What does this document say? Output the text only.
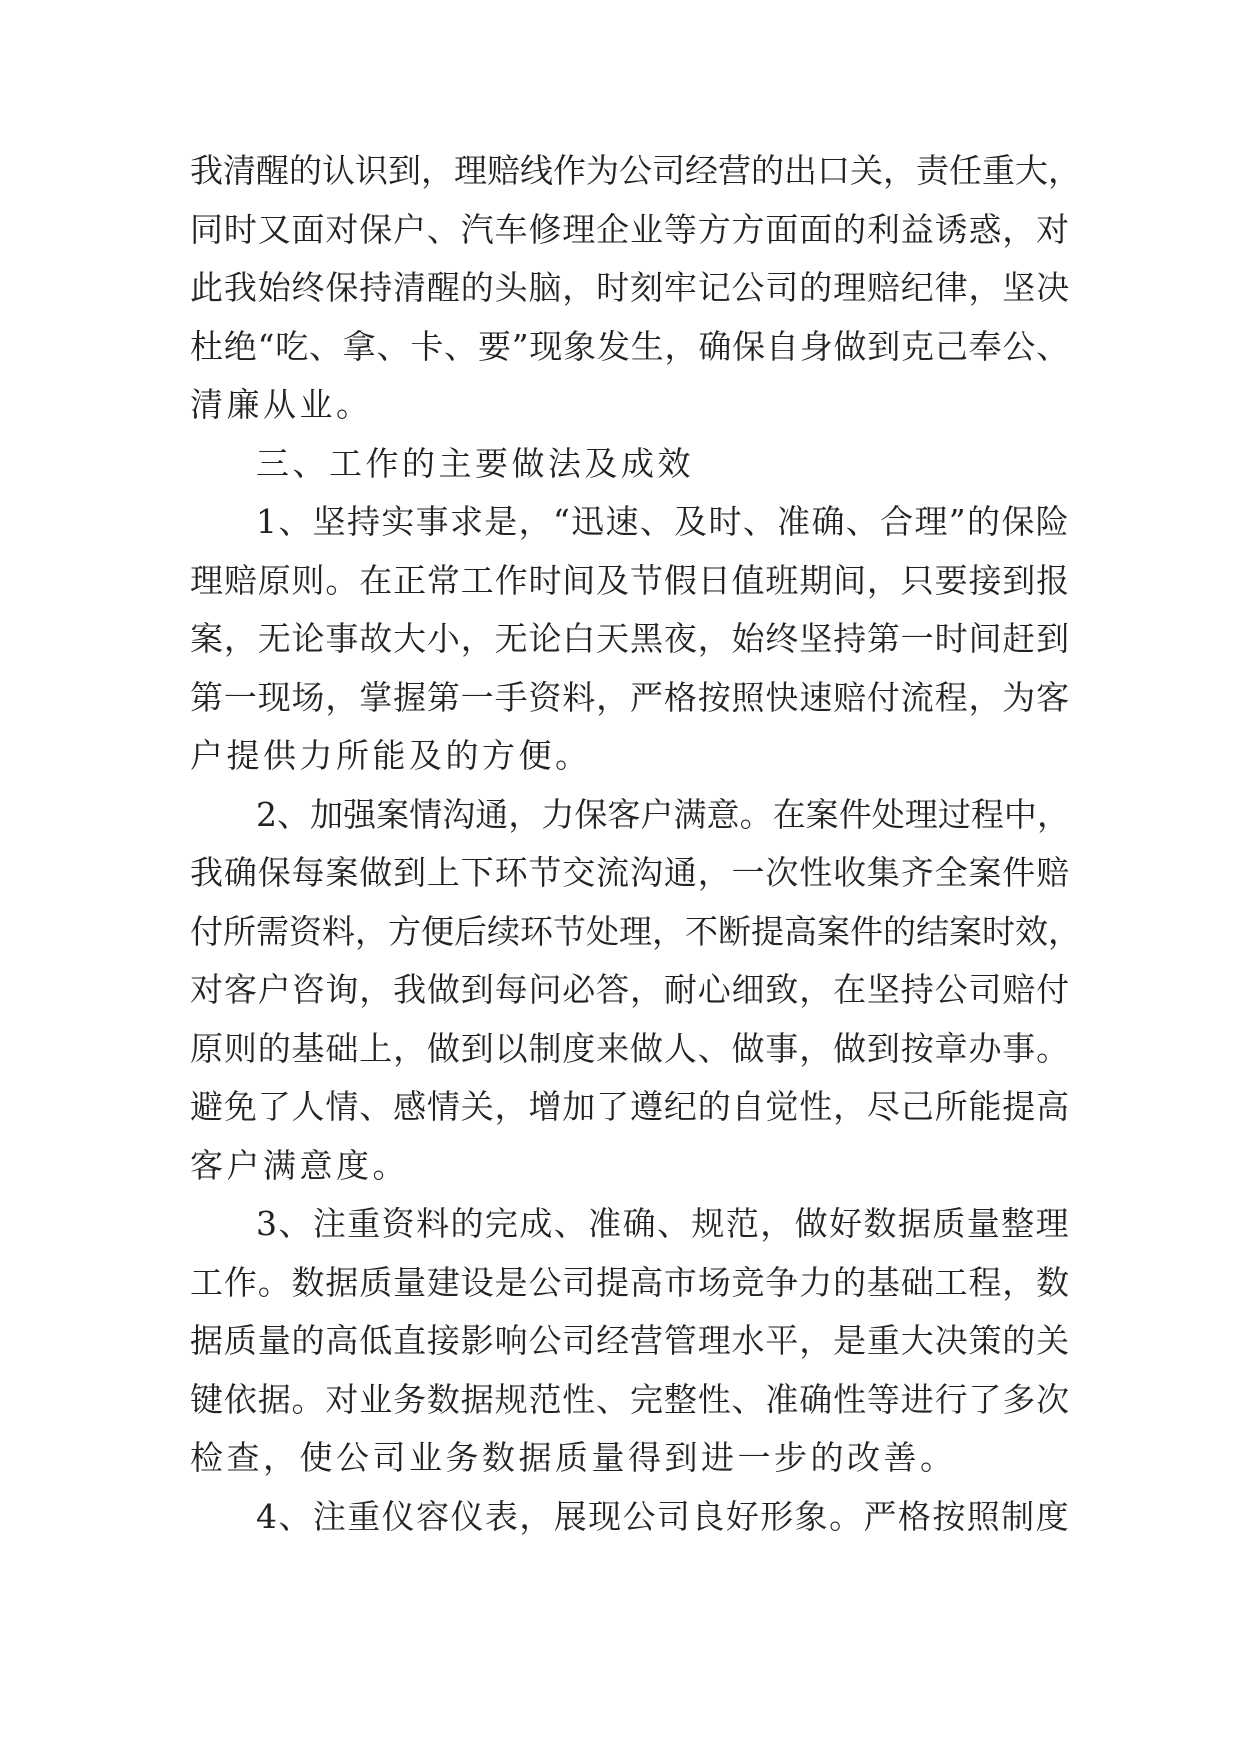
我清醒的认识到，理赔线作为公司经营的出口关，责任重大，
同时又面对保户、汽车修理企业等方方面面的利益诱惑，对
此我始终保持清醒的头脑，时刻牢记公司的理赔纪律，坚决
杜绝“吃、拿、卡、要”现象发生，确保自身做到克己奉公、
清廉从业。
三、工作的主要做法及成效
1、坚持实事求是，“迅速、及时、准确、合理”的保险
理赔原则。在正常工作时间及节假日值班期间，只要接到报
案，无论事故大小，无论白天黑夜，始终坚持第一时间赶到
第一现场，掌握第一手资料，严格按照快速赔付流程，为客
户提供力所能及的方便。
2、加强案情沟通，力保客户满意。在案件处理过程中，
我确保每案做到上下环节交流沟通，一次性收集齐全案件赔
付所需资料，方便后续环节处理，不断提高案件的结案时效，
对客户咨询，我做到每问必答，耐心细致，在坚持公司赔付
原则的基础上，做到以制度来做人、做事，做到按章办事。
避免了人情、感情关，增加了遵纪的自觉性，尽己所能提高
客户满意度。
3、注重资料的完成、准确、规范，做好数据质量整理
工作。数据质量建设是公司提高市场竞争力的基础工程，数
据质量的高低直接影响公司经营管理水平，是重大决策的关
键依据。对业务数据规范性、完整性、准确性等进行了多次
检查，使公司业务数据质量得到进一步的改善。
4、注重仪容仪表，展现公司良好形象。严格按照制度
